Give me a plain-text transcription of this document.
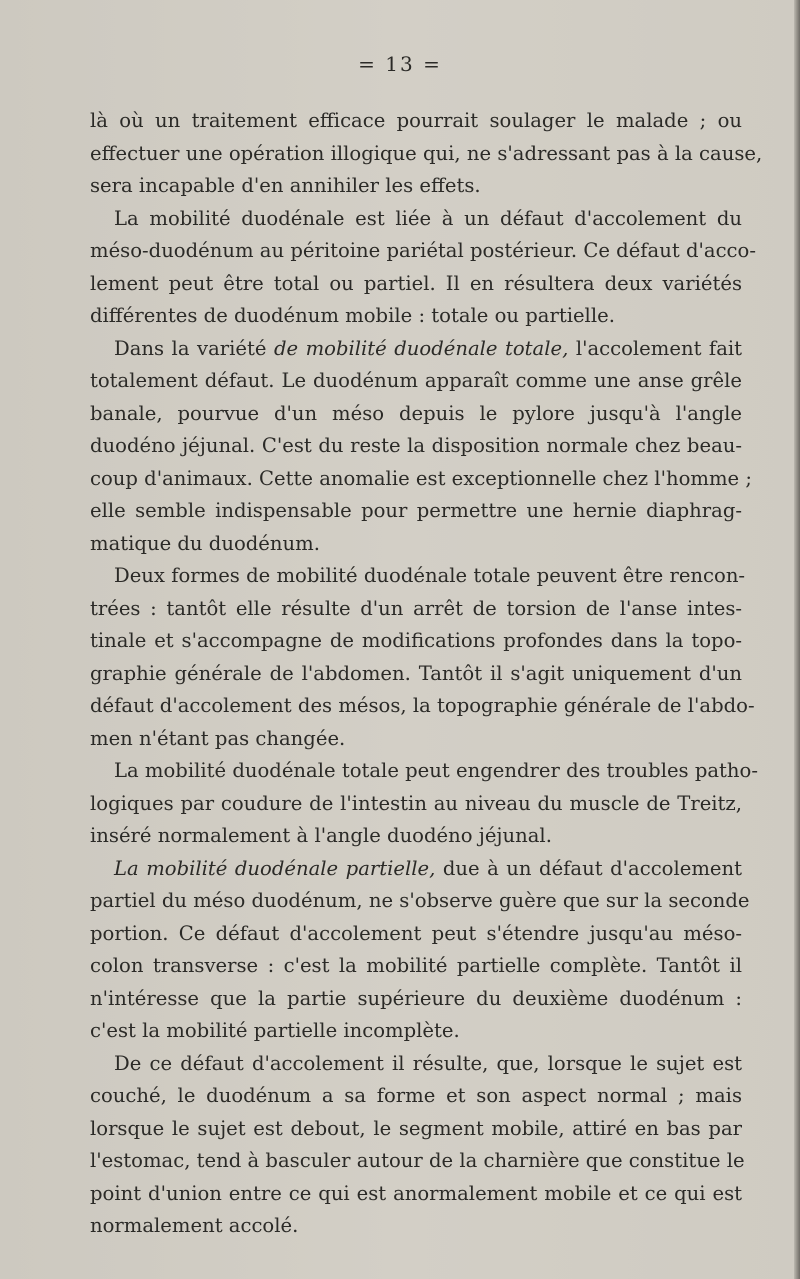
= 13 =
là où un traitement efficace pourrait soulager le malade ; ou
effectuer une opération illogique qui, ne s'adressant pas à la cause,
sera incapable d'en annihiler les effets.
La mobilité duodénale est liée à un défaut d'accolement du
méso-duodénum au péritoine pariétal postérieur. Ce défaut d'acco-
lement peut être total ou partiel. Il en résultera deux variétés
différentes de duodénum mobile : totale ou partielle.
Dans la variété de mobilité duodénale totale, l'accolement fait
totalement défaut. Le duodénum apparaît comme une anse grêle
banale, pourvue d'un méso depuis le pylore jusqu'à l'angle
duodéno jéjunal. C'est du reste la disposition normale chez beau-
coup d'animaux. Cette anomalie est exceptionnelle chez l'homme ;
elle semble indispensable pour permettre une hernie diaphrag-
matique du duodénum.
Deux formes de mobilité duodénale totale peuvent être rencon-
trées : tantôt elle résulte d'un arrêt de torsion de l'anse intes-
tinale et s'accompagne de modifications profondes dans la topo-
graphie générale de l'abdomen. Tantôt il s'agit uniquement d'un
défaut d'accolement des mésos, la topographie générale de l'abdo-
men n'étant pas changée.
La mobilité duodénale totale peut engendrer des troubles patho-
logiques par coudure de l'intestin au niveau du muscle de Treitz,
inséré normalement à l'angle duodéno jéjunal.
La mobilité duodénale partielle, due à un défaut d'accolement
partiel du méso duodénum, ne s'observe guère que sur la seconde
portion. Ce défaut d'accolement peut s'étendre jusqu'au méso-
colon transverse : c'est la mobilité partielle complète. Tantôt il
n'intéresse que la partie supérieure du deuxième duodénum :
c'est la mobilité partielle incomplète.
De ce défaut d'accolement il résulte, que, lorsque le sujet est
couché, le duodénum a sa forme et son aspect normal ; mais
lorsque le sujet est debout, le segment mobile, attiré en bas par
l'estomac, tend à basculer autour de la charnière que constitue le
point d'union entre ce qui est anormalement mobile et ce qui est
normalement accolé.
